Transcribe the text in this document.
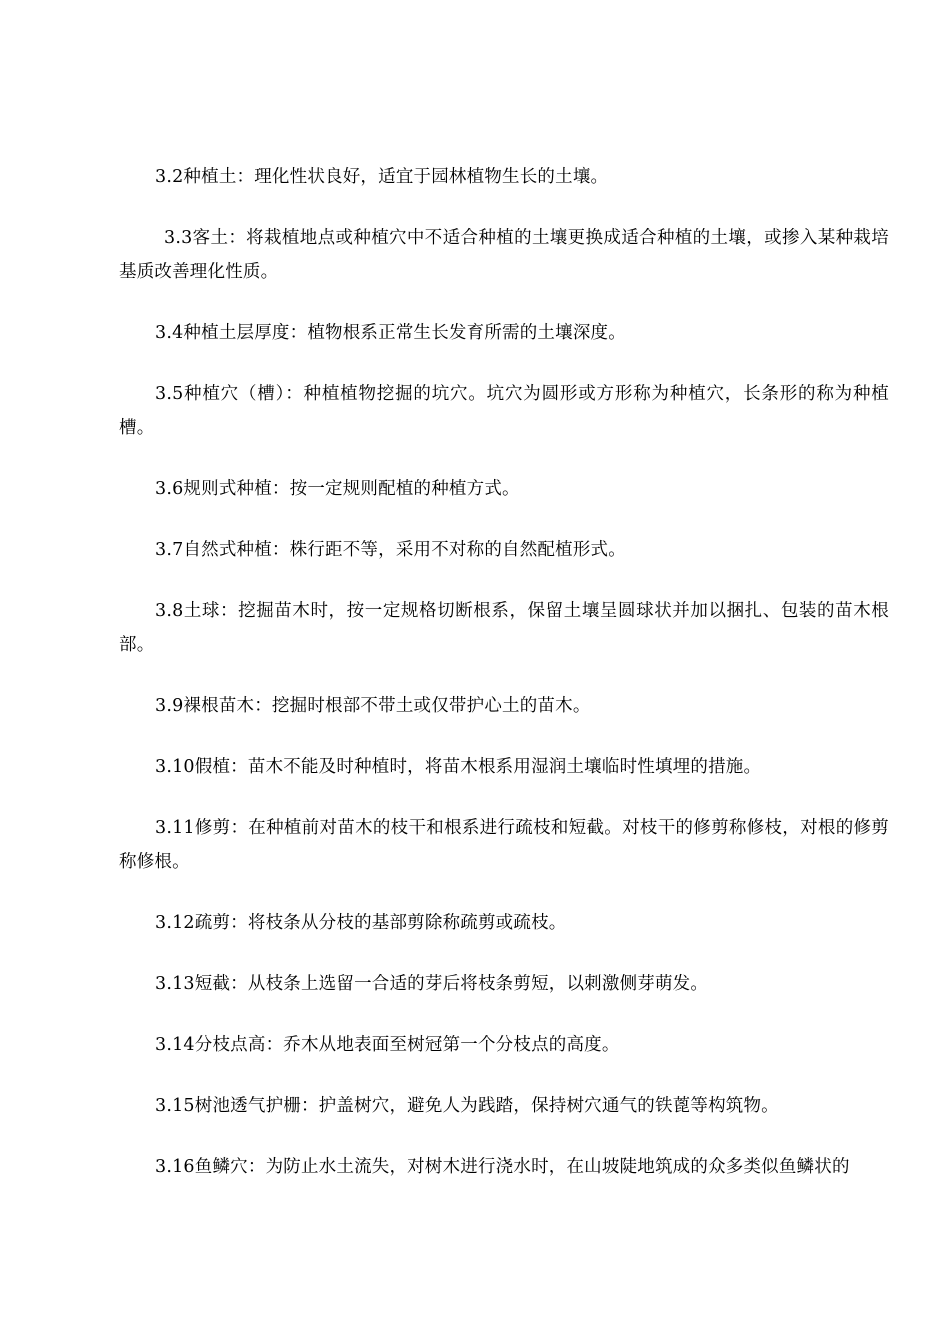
3.2种植土：理化性状良好，适宜于园林植物生长的土壤。

3.3客土：将栽植地点或种植穴中不适合种植的土壤更换成适合种植的土壤，或掺入某种栽培基质改善理化性质。

3.4种植土层厚度：植物根系正常生长发育所需的土壤深度。

3.5种植穴（槽）：种植植物挖掘的坑穴。坑穴为圆形或方形称为种植穴，长条形的称为种植槽。

3.6规则式种植：按一定规则配植的种植方式。

3.7自然式种植：株行距不等，采用不对称的自然配植形式。

3.8土球：挖掘苗木时，按一定规格切断根系，保留土壤呈圆球状并加以捆扎、包装的苗木根部。

3.9裸根苗木：挖掘时根部不带土或仅带护心土的苗木。

3.10假植：苗木不能及时种植时，将苗木根系用湿润土壤临时性填埋的措施。

3.11修剪：在种植前对苗木的枝干和根系进行疏枝和短截。对枝干的修剪称修枝，对根的修剪称修根。

3.12疏剪：将枝条从分枝的基部剪除称疏剪或疏枝。

3.13短截：从枝条上选留一合适的芽后将枝条剪短，以刺激侧芽萌发。

3.14分枝点高：乔木从地表面至树冠第一个分枝点的高度。

3.15树池透气护栅：护盖树穴，避免人为践踏，保持树穴通气的铁蓖等构筑物。

3.16鱼鳞穴：为防止水土流失，对树木进行浇水时，在山坡陡地筑成的众多类似鱼鳞状的
